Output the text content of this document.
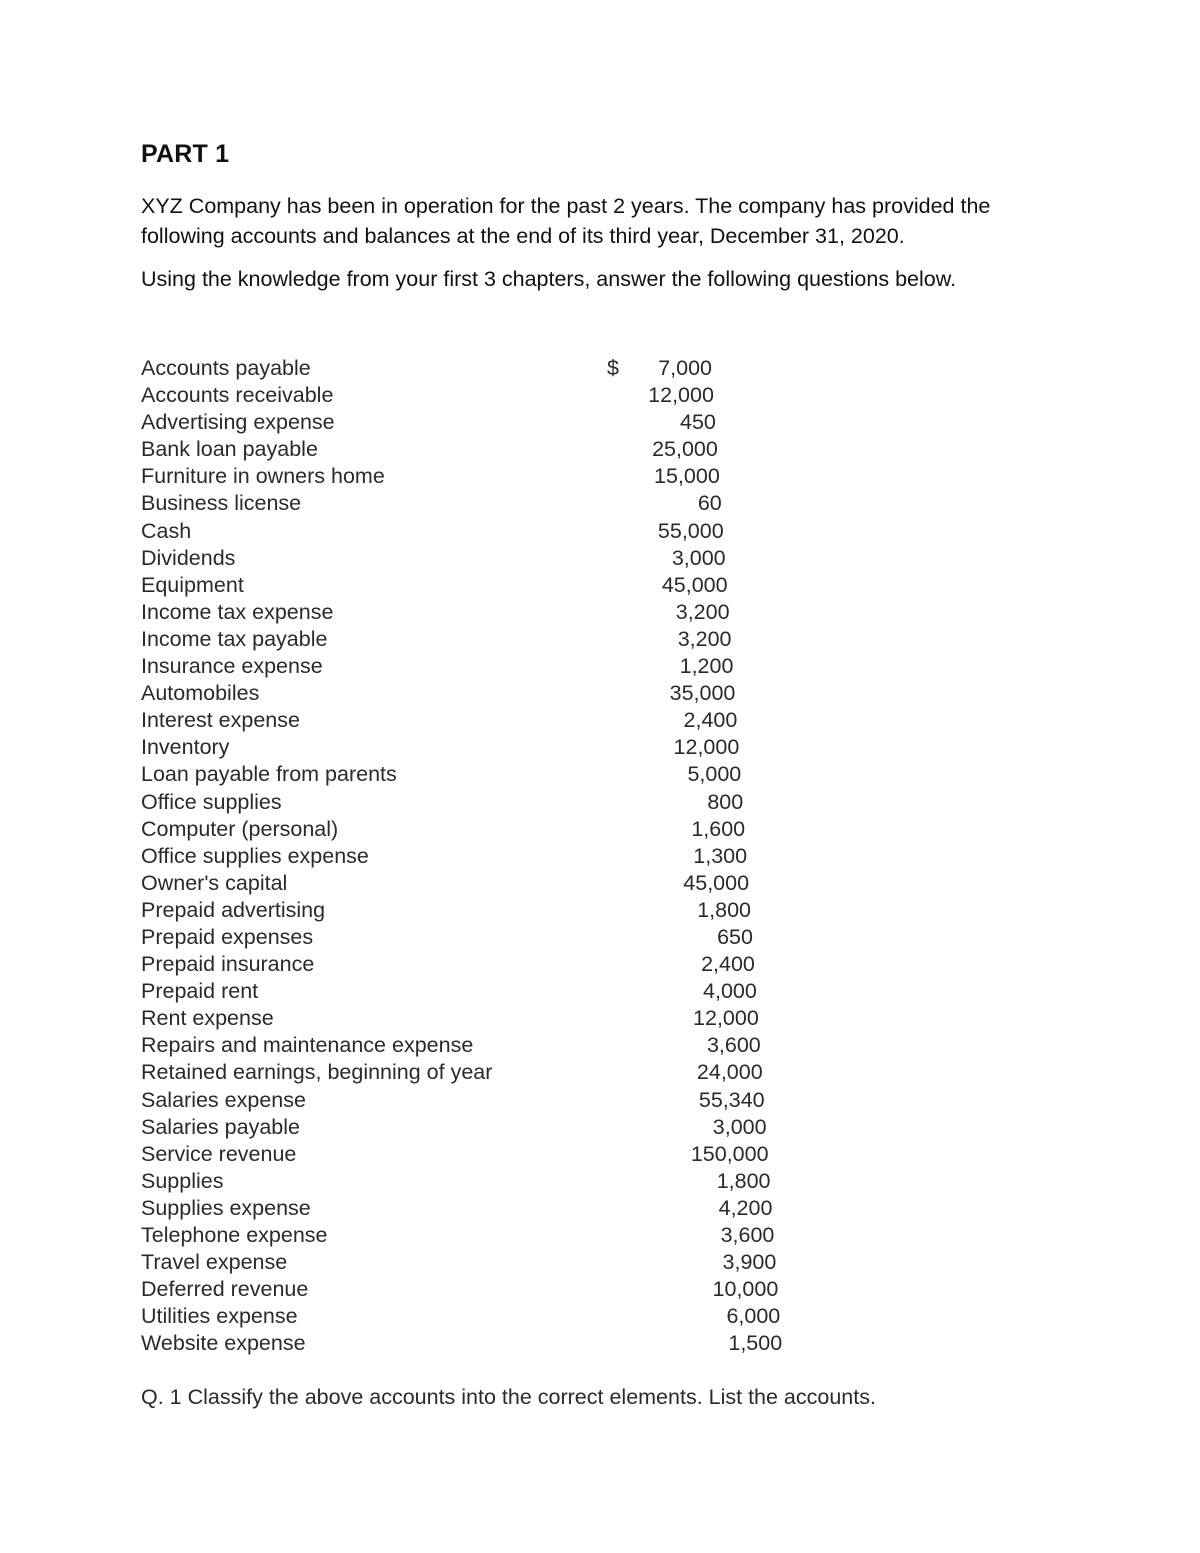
PART 1

XYZ Company has been in operation for the past 2 years. The company has provided the following accounts and balances at the end of its third year, December 31, 2020.

Using the knowledge from your first 3 chapters, answer the following questions below.

Accounts payable	$	7,000
Accounts receivable	12,000
Advertising expense	450
Bank loan payable	25,000
Furniture in owners home	15,000
Business license	60
Cash	55,000
Dividends	3,000
Equipment	45,000
Income tax expense	3,200
Income tax payable	3,200
Insurance expense	1,200
Automobiles	35,000
Interest expense	2,400
Inventory	12,000
Loan payable from parents	5,000
Office supplies	800
Computer (personal)	1,600
Office supplies expense	1,300
Owner's capital	45,000
Prepaid advertising	1,800
Prepaid expenses	650
Prepaid insurance	2,400
Prepaid rent	4,000
Rent expense	12,000
Repairs and maintenance expense	3,600
Retained earnings, beginning of year	24,000
Salaries expense	55,340
Salaries payable	3,000
Service revenue	150,000
Supplies	1,800
Supplies expense	4,200
Telephone expense	3,600
Travel expense	3,900
Deferred revenue	10,000
Utilities expense	6,000
Website expense	1,500

Q. 1 Classify the above accounts into the correct elements. List the accounts.
